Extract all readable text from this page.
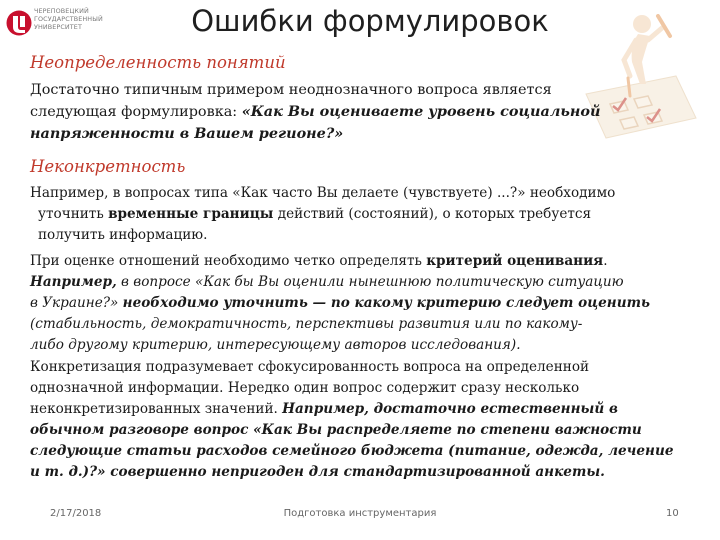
ЧЕРЕПОВЕЦКИЙ
ГОСУДАРСТВЕННЫЙ
УНИВЕРСИТЕТ	Ошибки формулировок
Неопределенность понятий
Достаточно типичным примером неоднозначного вопроса является
следующая формулировка: «Как Вы оцениваете уровень социальной
напряженности в Вашем регионе?»
Неконкретность
Например, в вопросах типа «Как часто Вы делаете (чувствуете) ...?» необходимо
уточнить временные границы действий (состояний), о которых требуется
получить информацию.
При оценке отношений необходимо четко определять критерий оценивания.
Например, в вопросе «Как бы Вы оценили нынешнюю политическую ситуацию
в Украине?» необходимо уточнить — по какому критерию следует оценить
(стабильность, демократичность, перспективы развития или по какому-
либо другому критерию, интересующему авторов исследования).
Конкретизация подразумевает сфокусированность вопроса на определенной
однозначной информации. Нередко один вопрос содержит сразу несколько
неконкретизированных значений. Например, достаточно естественный в
обычном разговоре вопрос «Как Вы распределяете по степени важности
следующие статьи расходов семейного бюджета (питание, одежда, лечение
и т. д.)?» совершенно непригоден для стандартизированной анкеты.
2/17/2018	Подготовка инструментария	10
